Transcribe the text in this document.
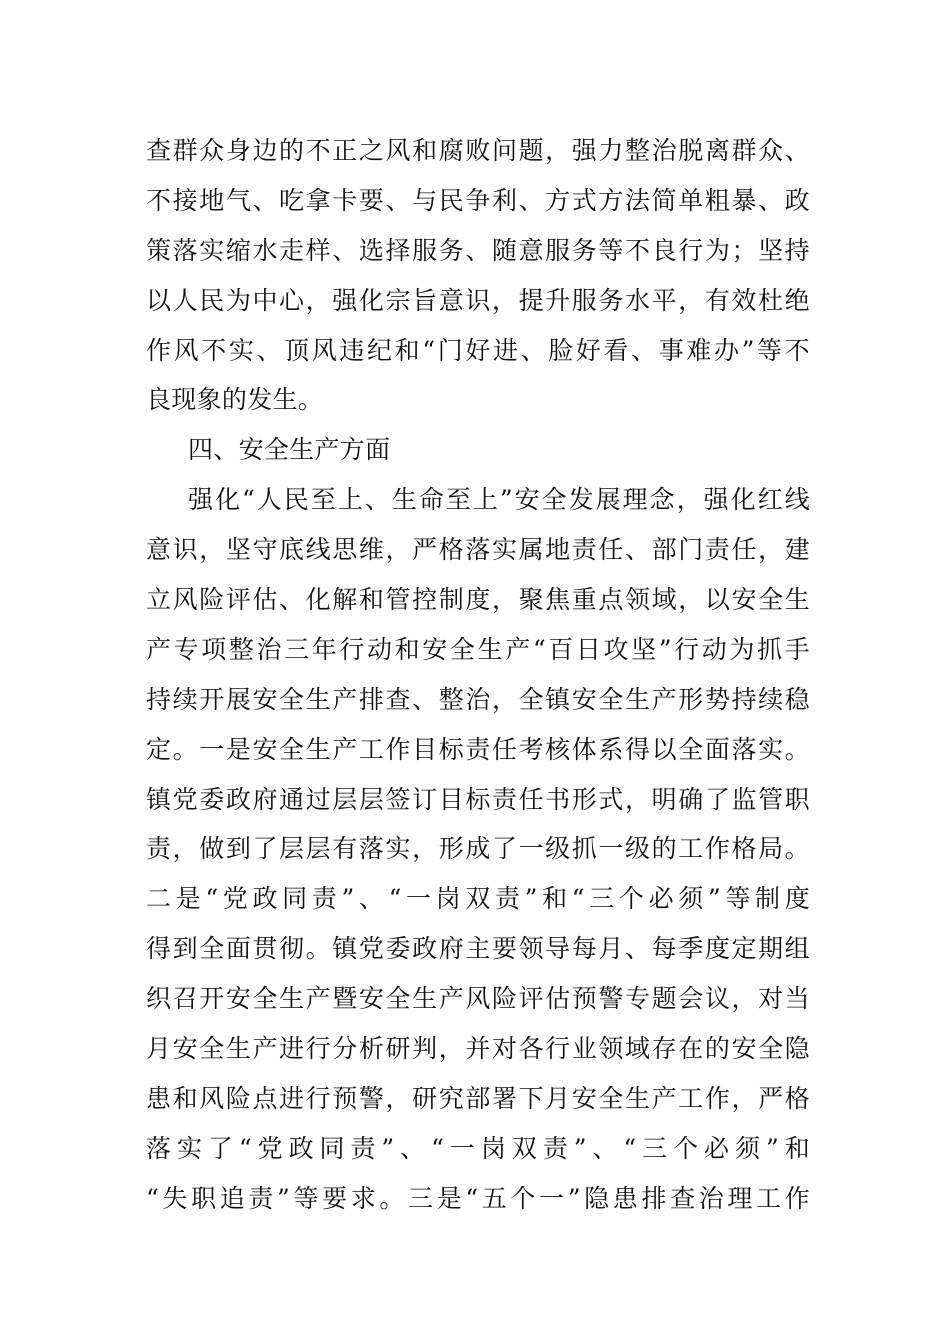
查群众身边的不正之风和腐败问题，强力整治脱离群众、
不接地气、吃拿卡要、与民争利、方式方法简单粗暴、政
策落实缩水走样、选择服务、随意服务等不良行为；坚持
以人民为中心，强化宗旨意识，提升服务水平，有效杜绝
作风不实、顶风违纪和“门好进、脸好看、事难办”等不
良现象的发生。
四、安全生产方面
强化“人民至上、生命至上”安全发展理念，强化红线
意识，坚守底线思维，严格落实属地责任、部门责任，建
立风险评估、化解和管控制度，聚焦重点领域，以安全生
产专项整治三年行动和安全生产“百日攻坚”行动为抓手
持续开展安全生产排查、整治，全镇安全生产形势持续稳
定。一是安全生产工作目标责任考核体系得以全面落实。
镇党委政府通过层层签订目标责任书形式，明确了监管职
责，做到了层层有落实，形成了一级抓一级的工作格局。
二是“党政同责”、“一岗双责”和“三个必须”等制度
得到全面贯彻。镇党委政府主要领导每月、每季度定期组
织召开安全生产暨安全生产风险评估预警专题会议，对当
月安全生产进行分析研判，并对各行业领域存在的安全隐
患和风险点进行预警，研究部署下月安全生产工作，严格
落实了“党政同责”、“一岗双责”、“三个必须”和
“失职追责”等要求。三是“五个一”隐患排查治理工作
